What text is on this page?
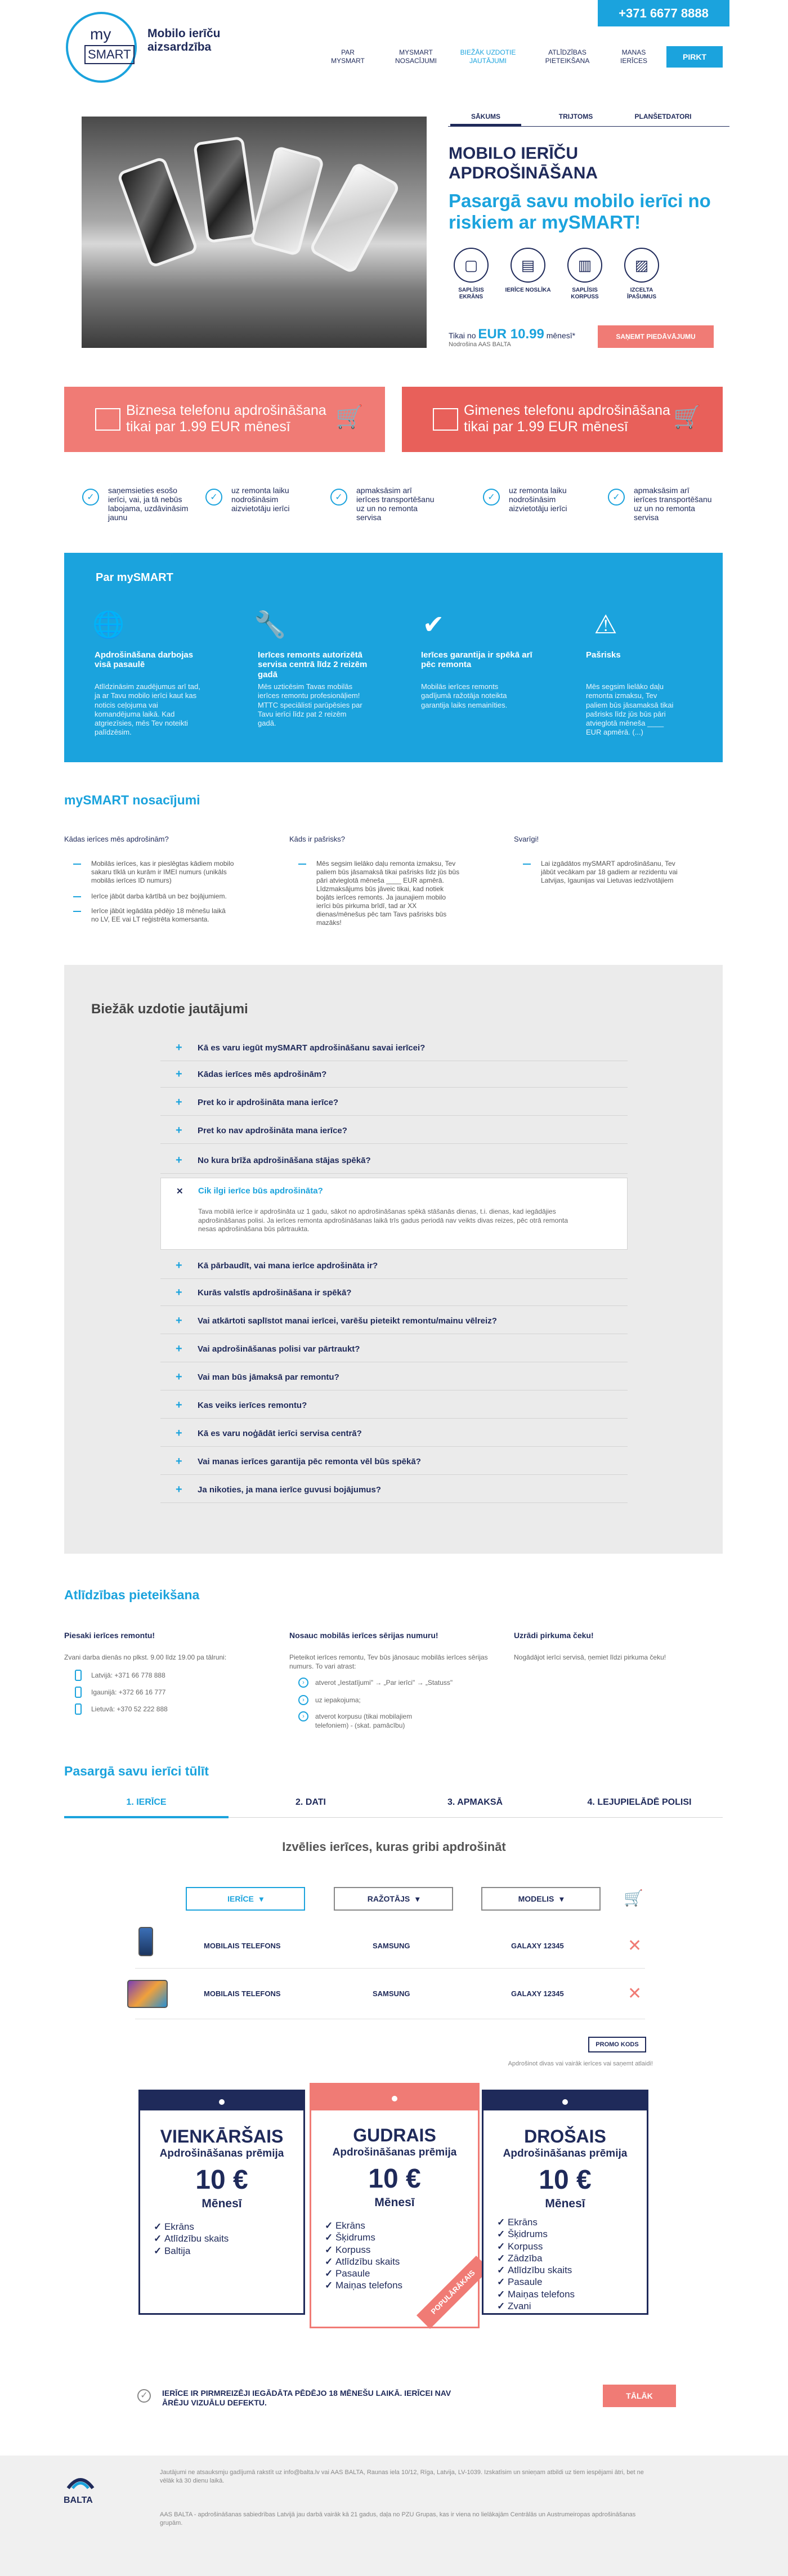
my
SMART
Mobilo ierīču aizsardzība
+371 6677 8888
PAR MYSMART
MYSMART NOSACĪJUMI
BIEŽĀK UZDOTIE JAUTĀJUMI
ATLĪDZĪBAS PIETEIKŠANA
MANAS IERĪCES	PIRKT
SĀKUMS	TRIJTOMS	PLANŠETDATORI
MOBILO IERĪČU APDROŠINĀŠANA
Pasargā savu mobilo ierīci no riskiem ar mySMART!
▢	▤	▥	▨
SAPLĪSIS EKRĀNS
IERĪCE NOSLĪKA	SAPLĪSIS KORPUSS
IZCELTA ĪPAŠUMUS
Tikai no EUR 10.99 mēnesī*
Nodrošina AAS BALTA
SAŅEMT PIEDĀVĀJUMU
Biznesa telefonu apdrošināšana tikai par 1.99 EUR mēnesī	🛒	Gimenes telefonu apdrošināšana tikai par 1.99 EUR mēnesī	🛒
✓
saņemsieties esošo ierīci, vai, ja tā nebūs labojama, uzdāvināsim jaunu
✓
uz remonta laiku nodrošināsim aizvietotāju ierīci
✓
apmaksāsim arī ierīces transportēšanu uz un no remonta servisa
✓
uz remonta laiku nodrošināsim aizvietotāju ierīci
✓
apmaksāsim arī ierīces transportēšanu uz un no remonta servisa
Par mySMART
🌐	🔧	✔	⚠
Apdrošināšana darbojas visā pasaulē
Ierīces remonts autorizētā servisa centrā līdz 2 reizēm gadā
Ierīces garantija ir spēkā arī pēc remonta
Pašrisks
Atlīdzināsim zaudējumus arī tad, ja ar Tavu mobilo ierīci kaut kas noticis ceļojuma vai komandējuma laikā. Kad atgriezīsies, mēs Tev noteikti palīdzēsim.
Mēs uzticēsim Tavas mobilās ierīces remontu profesionāļiem! MTTC speciālisti parūpēsies par Tavu ierīci līdz pat 2 reizēm gadā.
Mobilās ierīces remonts gadījumā ražotāja noteikta garantija laiks nemainīties.
Mēs segsim lielāko daļu remonta izmaksu, Tev paliem būs jāsamaksā tikai pašrisks līdz jūs būs pāri atvieglotā mēneša ____ EUR apmērā. (...)
mySMART nosacījumi
Kādas ierīces mēs apdrošinām?	Kāds ir pašrisks?	Svarīgi!
Mobilās ierīces, kas ir pieslēgtas kādiem mobilo sakaru tīklā un kurām ir IMEI numurs (unikāls mobilās ierīces ID numurs)
Ierīce jābūt darba kārtībā un bez bojājumiem.
Ierīce jābūt iegādāta pēdējo 18 mēnešu laikā no LV, EE vai LT reģistrēta komersanta.
Mēs segsim lielāko daļu remonta izmaksu, Tev paliem būs jāsamaksā tikai pašrisks līdz jūs būs pāri atvieglotā mēneša ____ EUR apmērā. Līdzmaksājums būs jāveic tikai, kad notiek bojāts ierīces remonts. Ja jaunajiem mobilo ierīci būs pirkuma brīdī, tad ar XX dienas/mēnešus pēc tam Tavs pašrisks būs mazāks!
Lai izgādātos mySMART apdrošināšanu, Tev jābūt vecākam par 18 gadiem ar rezidentu vai Latvijas, Igaunijas vai Lietuvas iedzīvotājiem
Biežāk uzdotie jautājumi
+ Kā es varu iegūt mySMART apdrošināšanu savai ierīcei?
+ Kādas ierīces mēs apdrošinām?
+ Pret ko ir apdrošināta mana ierīce?
+ Pret ko nav apdrošināta mana ierīce?
+ No kura brīža apdrošināšana stājas spēkā?
✕ Cik ilgi ierīce būs apdrošināta?
Tava mobilā ierīce ir apdrošināta uz 1 gadu, sākot no apdrošināšanas spēkā stāšanās dienas, t.i. dienas, kad iegādājies apdrošināšanas polisi. Ja ierīces remonta apdrošināšanas laikā trīs gadus periodā nav veikts divas reizes, pēc otrā remonta nesas apdrošināšana būs pārtraukta.
+ Kā pārbaudīt, vai mana ierīce apdrošināta ir?
+ Kurās valstīs apdrošināšana ir spēkā?
+ Vai atkārtoti saplīstot manai ierīcei, varēšu pieteikt remontu/mainu vēlreiz?
+ Vai apdrošināšanas polisi var pārtraukt?
+ Vai man būs jāmaksā par remontu?
+ Kas veiks ierīces remontu?
+ Kā es varu noģādāt ierīci servisa centrā?
+ Vai manas ierīces garantija pēc remonta vēl būs spēkā?
+ Ja nikoties, ja mana ierīce guvusi bojājumus?
Atlīdzības pieteikšana
Piesaki ierīces remontu!	Nosauc mobilās ierīces sērijas numuru!	Uzrādi pirkuma čeku!
Zvani darba dienās no plkst. 9.00 līdz 19.00 pa tālruni:
Latvijā: +371 66 778 888
Igaunijā: +372 66 16 777
Lietuvā: +370 52 222 888
Pieteikot ierīces remontu, Tev būs jānosauc mobilās ierīces sērijas numurs. To vari atrast:
›	atverot „Iestatījumi" → „Par ierīci" → „Statuss"
›	uz iepakojuma;
›	atverot korpusu (tikai mobilajiem telefoniem) - (skat. pamācību)
Nogādājot ierīci servisā, ņemiet līdzi pirkuma čeku!
Pasargā savu ierīci tūlīt
1. IERĪCE	2. DATI	3. APMAKSĀ	4. LEJUPIELĀDĒ POLISI
Izvēlies ierīces, kuras gribi apdrošināt
IERĪCE ▾	RAŽOTĀJS ▾	MODELIS ▾	🛒
MOBILAIS TELEFONS	SAMSUNG	GALAXY 12345	✕
MOBILAIS TELEFONS	SAMSUNG	GALAXY 12345	✕
PROMO KODS
Apdrošinot divas vai vairāk ierīces vai saņemt atlaidi!
VIENKĀRŠAIS
Apdrošināšanas prēmija
10 €
Mēnesī
✓ Ekrāns
✓ Atlīdzību skaits
✓ Baltija
GUDRAIS
Apdrošināšanas prēmija
10 €
Mēnesī
✓ Ekrāns
✓ Šķidrums
✓ Korpuss
✓ Atlīdzību skaits
✓ Pasaule
✓ Maiņas telefons	POPULĀRĀKAIS
DROŠAIS
Apdrošināšanas prēmija
10 €
Mēnesī
✓ Ekrāns
✓ Šķidrums
✓ Korpuss
✓ Zādzība
✓ Atlīdzību skaits
✓ Pasaule
✓ Maiņas telefons
✓ Zvani
✓	IERĪCE IR PIRMREIZĒJI IEGĀDĀTA PĒDĒJO 18 MĒNEŠU LAIKĀ. IERĪCEI NAV ĀRĒJU VIZUĀLU DEFEKTU.
TĀLĀK
BALTA
Jautājumi ne atsauksmju gadījumā rakstīt uz info@balta.lv vai AAS BALTA, Raunas iela 10/12, Rīga, Latvija, LV-1039. Izskatīsim un snieņam atbildi uz tiem iespējami ātri, bet ne vēlāk kā 30 dienu laikā.
AAS BALTA - apdrošināšanas sabiedrības Latvijā jau darbā vairāk kā 21 gadus, daļa no PZU Grupas, kas ir viena no lielākajām Centrālās un Austrumeiropas apdrošināšanas grupām.
